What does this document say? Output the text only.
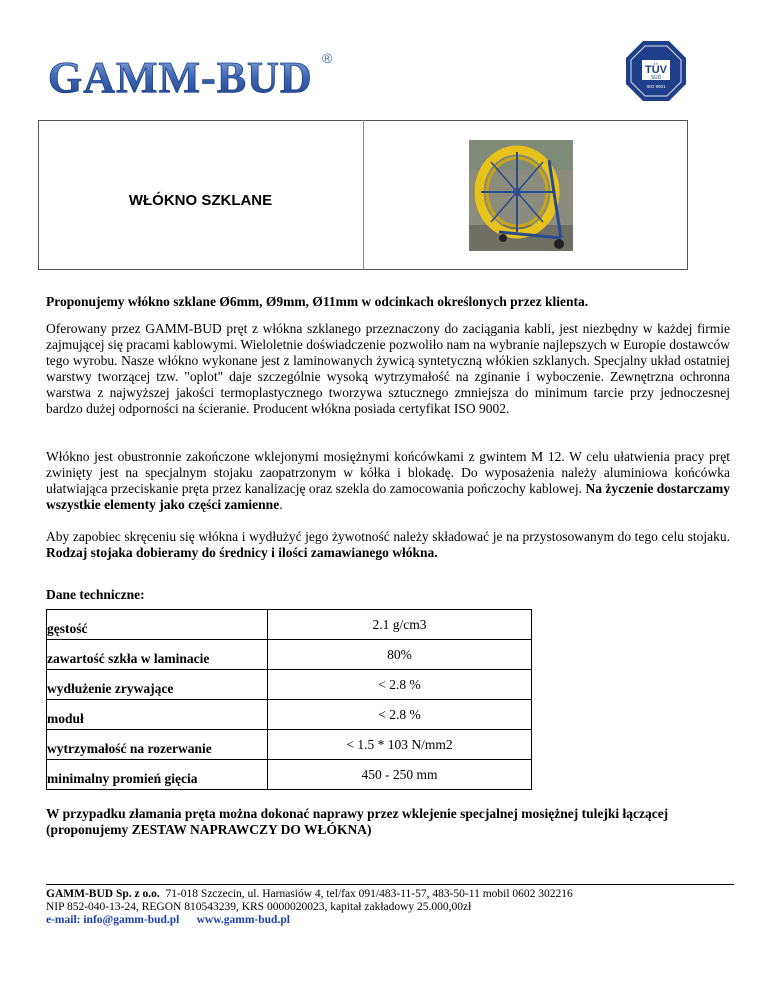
GAMM-BUD ®
TÜV
SÜD
ISO 9001
WŁÓKNO SZKLANE
Proponujemy włókno szklane Ø6mm, Ø9mm, Ø11mm w odcinkach określonych przez klienta.
Oferowany przez GAMM-BUD pręt z włókna szklanego przeznaczony do zaciągania kabli, jest niezbędny w każdej firmie zajmującej się pracami kablowymi. Wieloletnie doświadczenie pozwoliło nam na wybranie najlepszych w Europie dostawców tego wyrobu. Nasze włókno wykonane jest z laminowanych żywicą syntetyczną włókien szklanych. Specjalny układ ostatniej warstwy tworzącej tzw. "oplot" daje szczególnie wysoką wytrzymałość na zginanie i wyboczenie. Zewnętrzna ochronna warstwa z najwyższej jakości termoplastycznego tworzywa sztucznego zmniejsza do minimum tarcie przy jednoczesnej bardzo dużej odporności na ścieranie. Producent włókna posiada certyfikat ISO 9002.
Włókno jest obustronnie zakończone wklejonymi mosiężnymi końcówkami z gwintem M 12. W celu ułatwienia pracy pręt zwinięty jest na specjalnym stojaku zaopatrzonym w kółka i blokadę. Do wyposażenia należy aluminiowa końcówka ułatwiająca przeciskanie pręta przez kanalizację oraz szekla do zamocowania pończochy kablowej. Na życzenie dostarczamy wszystkie elementy jako części zamienne.
Aby zapobiec skręceniu się włókna i wydłużyć jego żywotność należy składować je na przystosowanym do tego celu stojaku. Rodzaj stojaka dobieramy do średnicy i ilości zamawianego włókna.
Dane techniczne:
gęstość	2.1 g/cm3
zawartość szkła w laminacie	80%
wydłużenie zrywające	< 2.8 %
moduł	< 2.8 %
wytrzymałość na rozerwanie	< 1.5 * 103 N/mm2
minimalny promień gięcia	450 - 250 mm
W przypadku złamania pręta można dokonać naprawy przez wklejenie specjalnej mosiężnej tulejki łączącej (proponujemy ZESTAW NAPRAWCZY DO WŁÓKNA)
GAMM-BUD Sp. z o.o. 71-018 Szczecin, ul. Harnasiów 4, tel/fax 091/483-11-57, 483-50-11 mobil 0602 302216
NIP 852-040-13-24, REGON 810543239, KRS 0000020023, kapitał zakładowy 25.000,00zł
e-mail: info@gamm-bud.pl www.gamm-bud.pl
